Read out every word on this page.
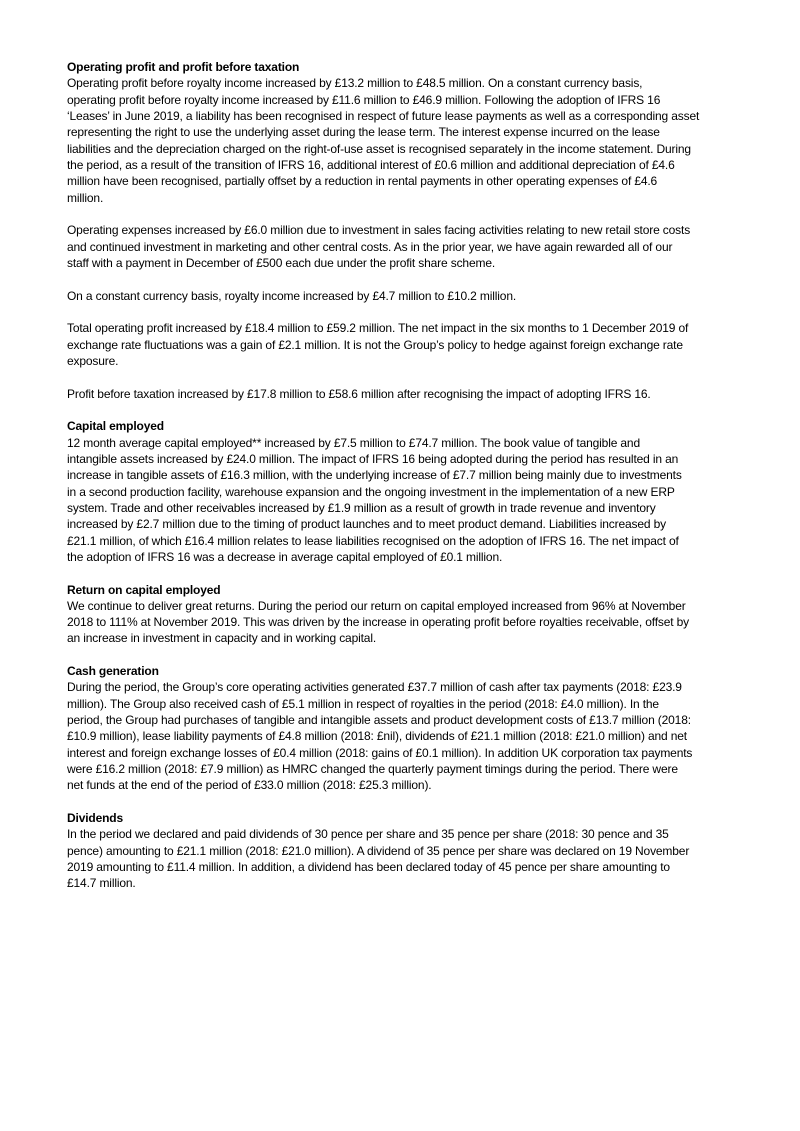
Operating profit and profit before taxation
Operating profit before royalty income increased by £13.2 million to £48.5 million. On a constant currency basis,
operating profit before royalty income increased by £11.6 million to £46.9 million. Following the adoption of IFRS 16
‘Leases’ in June 2019, a liability has been recognised in respect of future lease payments as well as a corresponding asset
representing the right to use the underlying asset during the lease term. The interest expense incurred on the lease
liabilities and the depreciation charged on the right-of-use asset is recognised separately in the income statement. During
the period, as a result of the transition of IFRS 16, additional interest of £0.6 million and additional depreciation of £4.6
million have been recognised, partially offset by a reduction in rental payments in other operating expenses of £4.6
million.
Operating expenses increased by £6.0 million due to investment in sales facing activities relating to new retail store costs
and continued investment in marketing and other central costs. As in the prior year, we have again rewarded all of our
staff with a payment in December of £500 each due under the profit share scheme.
On a constant currency basis, royalty income increased by £4.7 million to £10.2 million.
Total operating profit increased by £18.4 million to £59.2 million. The net impact in the six months to 1 December 2019 of
exchange rate fluctuations was a gain of £2.1 million. It is not the Group’s policy to hedge against foreign exchange rate
exposure.
Profit before taxation increased by £17.8 million to £58.6 million after recognising the impact of adopting IFRS 16.
Capital employed
12 month average capital employed** increased by £7.5 million to £74.7 million. The book value of tangible and
intangible assets increased by £24.0 million. The impact of IFRS 16 being adopted during the period has resulted in an
increase in tangible assets of £16.3 million, with the underlying increase of £7.7 million being mainly due to investments
in a second production facility, warehouse expansion and the ongoing investment in the implementation of a new ERP
system. Trade and other receivables increased by £1.9 million as a result of growth in trade revenue and inventory
increased by £2.7 million due to the timing of product launches and to meet product demand. Liabilities increased by
£21.1 million, of which £16.4 million relates to lease liabilities recognised on the adoption of IFRS 16. The net impact of
the adoption of IFRS 16 was a decrease in average capital employed of £0.1 million.
Return on capital employed
We continue to deliver great returns. During the period our return on capital employed increased from 96% at November
2018 to 111% at November 2019. This was driven by the increase in operating profit before royalties receivable, offset by
an increase in investment in capacity and in working capital.
Cash generation
During the period, the Group’s core operating activities generated £37.7 million of cash after tax payments (2018: £23.9
million). The Group also received cash of £5.1 million in respect of royalties in the period (2018: £4.0 million). In the
period, the Group had purchases of tangible and intangible assets and product development costs of £13.7 million (2018:
£10.9 million), lease liability payments of £4.8 million (2018: £nil), dividends of £21.1 million (2018: £21.0 million) and net
interest and foreign exchange losses of £0.4 million (2018: gains of £0.1 million). In addition UK corporation tax payments
were £16.2 million (2018: £7.9 million) as HMRC changed the quarterly payment timings during the period. There were
net funds at the end of the period of £33.0 million (2018: £25.3 million).
Dividends
In the period we declared and paid dividends of 30 pence per share and 35 pence per share (2018: 30 pence and 35
pence) amounting to £21.1 million (2018: £21.0 million). A dividend of 35 pence per share was declared on 19 November
2019 amounting to £11.4 million. In addition, a dividend has been declared today of 45 pence per share amounting to
£14.7 million.
